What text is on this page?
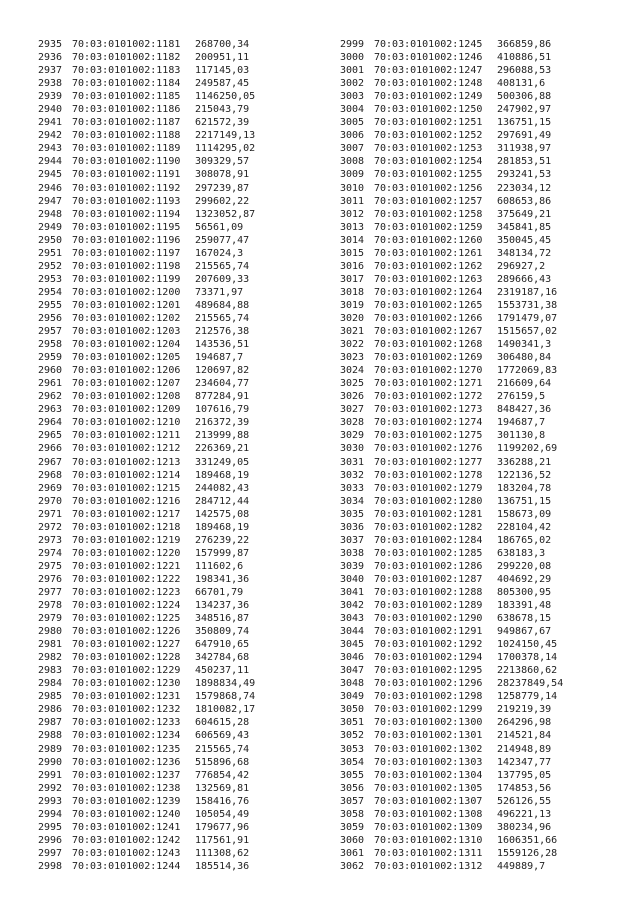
2935 70:03:0101002:1181 268700,34
2936 70:03:0101002:1182 200951,11
2937 70:03:0101002:1183 117145,03
2938 70:03:0101002:1184 249587,45
2939 70:03:0101002:1185 1146250,05
2940 70:03:0101002:1186 215043,79
2941 70:03:0101002:1187 621572,39
2942 70:03:0101002:1188 2217149,13
2943 70:03:0101002:1189 1114295,02
2944 70:03:0101002:1190 309329,57
2945 70:03:0101002:1191 308078,91
2946 70:03:0101002:1192 297239,87
2947 70:03:0101002:1193 299602,22
2948 70:03:0101002:1194 1323052,87
2949 70:03:0101002:1195 56561,09
2950 70:03:0101002:1196 259077,47
2951 70:03:0101002:1197 167024,3
2952 70:03:0101002:1198 215565,74
2953 70:03:0101002:1199 207609,33
2954 70:03:0101002:1200 73371,97
2955 70:03:0101002:1201 489684,88
2956 70:03:0101002:1202 215565,74
2957 70:03:0101002:1203 212576,38
2958 70:03:0101002:1204 143536,51
2959 70:03:0101002:1205 194687,7
2960 70:03:0101002:1206 120697,82
2961 70:03:0101002:1207 234604,77
2962 70:03:0101002:1208 877284,91
2963 70:03:0101002:1209 107616,79
2964 70:03:0101002:1210 216372,39
2965 70:03:0101002:1211 213999,88
2966 70:03:0101002:1212 226369,21
2967 70:03:0101002:1213 331249,05
2968 70:03:0101002:1214 189468,19
2969 70:03:0101002:1215 244082,43
2970 70:03:0101002:1216 284712,44
2971 70:03:0101002:1217 142575,08
2972 70:03:0101002:1218 189468,19
2973 70:03:0101002:1219 276239,22
2974 70:03:0101002:1220 157999,87
2975 70:03:0101002:1221 111602,6
2976 70:03:0101002:1222 198341,36
2977 70:03:0101002:1223 66701,79
2978 70:03:0101002:1224 134237,36
2979 70:03:0101002:1225 348516,87
2980 70:03:0101002:1226 350809,74
2981 70:03:0101002:1227 647910,65
2982 70:03:0101002:1228 342784,68
2983 70:03:0101002:1229 450237,11
2984 70:03:0101002:1230 1898834,49
2985 70:03:0101002:1231 1579868,74
2986 70:03:0101002:1232 1810082,17
2987 70:03:0101002:1233 604615,28
2988 70:03:0101002:1234 606569,43
2989 70:03:0101002:1235 215565,74
2990 70:03:0101002:1236 515896,68
2991 70:03:0101002:1237 776854,42
2992 70:03:0101002:1238 132569,81
2993 70:03:0101002:1239 158416,76
2994 70:03:0101002:1240 105054,49
2995 70:03:0101002:1241 179677,96
2996 70:03:0101002:1242 117561,91
2997 70:03:0101002:1243 111308,62
2998 70:03:0101002:1244 185514,36
2999 70:03:0101002:1245 366859,86
3000 70:03:0101002:1246 410886,51
3001 70:03:0101002:1247 296088,53
3002 70:03:0101002:1248 408131,6
3003 70:03:0101002:1249 500306,88
3004 70:03:0101002:1250 247902,97
3005 70:03:0101002:1251 136751,15
3006 70:03:0101002:1252 297691,49
3007 70:03:0101002:1253 311938,97
3008 70:03:0101002:1254 281853,51
3009 70:03:0101002:1255 293241,53
3010 70:03:0101002:1256 223034,12
3011 70:03:0101002:1257 608653,86
3012 70:03:0101002:1258 375649,21
3013 70:03:0101002:1259 345841,85
3014 70:03:0101002:1260 350045,45
3015 70:03:0101002:1261 348134,72
3016 70:03:0101002:1262 296927,2
3017 70:03:0101002:1263 289666,43
3018 70:03:0101002:1264 2319187,16
3019 70:03:0101002:1265 1553731,38
3020 70:03:0101002:1266 1791479,07
3021 70:03:0101002:1267 1515657,02
3022 70:03:0101002:1268 1490341,3
3023 70:03:0101002:1269 306480,84
3024 70:03:0101002:1270 1772069,83
3025 70:03:0101002:1271 216609,64
3026 70:03:0101002:1272 276159,5
3027 70:03:0101002:1273 848427,36
3028 70:03:0101002:1274 194687,7
3029 70:03:0101002:1275 301130,8
3030 70:03:0101002:1276 1199202,69
3031 70:03:0101002:1277 336288,21
3032 70:03:0101002:1278 122136,52
3033 70:03:0101002:1279 183204,78
3034 70:03:0101002:1280 136751,15
3035 70:03:0101002:1281 158673,09
3036 70:03:0101002:1282 228104,42
3037 70:03:0101002:1284 186765,02
3038 70:03:0101002:1285 638183,3
3039 70:03:0101002:1286 299220,08
3040 70:03:0101002:1287 404692,29
3041 70:03:0101002:1288 805300,95
3042 70:03:0101002:1289 183391,48
3043 70:03:0101002:1290 638678,15
3044 70:03:0101002:1291 949867,67
3045 70:03:0101002:1292 1024150,45
3046 70:03:0101002:1294 1700378,14
3047 70:03:0101002:1295 2213860,62
3048 70:03:0101002:1296 28237849,54
3049 70:03:0101002:1298 1258779,14
3050 70:03:0101002:1299 219219,39
3051 70:03:0101002:1300 264296,98
3052 70:03:0101002:1301 214521,84
3053 70:03:0101002:1302 214948,89
3054 70:03:0101002:1303 142347,77
3055 70:03:0101002:1304 137795,05
3056 70:03:0101002:1305 174853,56
3057 70:03:0101002:1307 526126,55
3058 70:03:0101002:1308 496221,13
3059 70:03:0101002:1309 380234,96
3060 70:03:0101002:1310 1606351,66
3061 70:03:0101002:1311 1559126,28
3062 70:03:0101002:1312 449889,7
